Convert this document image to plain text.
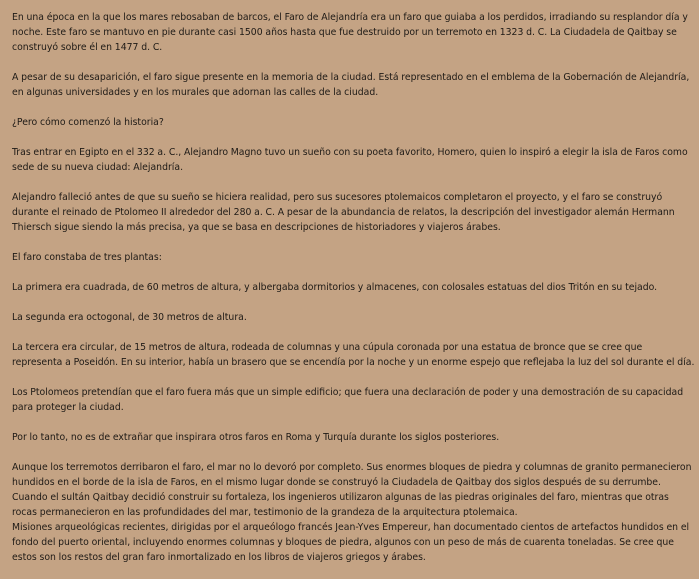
En una época en la que los mares rebosaban de barcos, el Faro de Alejandría era un faro que guiaba a los perdidos, irradiando su resplandor día y noche. Este faro se mantuvo en pie durante casi 1500 años hasta que fue destruido por un terremoto en 1323 d. C. La Ciudadela de Qaitbay se construyó sobre él en 1477 d. C.

A pesar de su desaparición, el faro sigue presente en la memoria de la ciudad. Está representado en el emblema de la Gobernación de Alejandría, en algunas universidades y en los murales que adornan las calles de la ciudad.

¿Pero cómo comenzó la historia?

Tras entrar en Egipto en el 332 a. C., Alejandro Magno tuvo un sueño con su poeta favorito, Homero, quien lo inspiró a elegir la isla de Faros como sede de su nueva ciudad: Alejandría.

Alejandro falleció antes de que su sueño se hiciera realidad, pero sus sucesores ptolemaicos completaron el proyecto, y el faro se construyó durante el reinado de Ptolomeo II alrededor del 280 a. C. A pesar de la abundancia de relatos, la descripción del investigador alemán Hermann Thiersch sigue siendo la más precisa, ya que se basa en descripciones de historiadores y viajeros árabes.

El faro constaba de tres plantas:

La primera era cuadrada, de 60 metros de altura, y albergaba dormitorios y almacenes, con colosales estatuas del dios Tritón en su tejado.

La segunda era octogonal, de 30 metros de altura.

La tercera era circular, de 15 metros de altura, rodeada de columnas y una cúpula coronada por una estatua de bronce que se cree que representa a Poseidón. En su interior, había un brasero que se encendía por la noche y un enorme espejo que reflejaba la luz del sol durante el día.

Los Ptolomeos pretendían que el faro fuera más que un simple edificio; que fuera una declaración de poder y una demostración de su capacidad para proteger la ciudad.

Por lo tanto, no es de extrañar que inspirara otros faros en Roma y Turquía durante los siglos posteriores.

Aunque los terremotos derribaron el faro, el mar no lo devoró por completo. Sus enormes bloques de piedra y columnas de granito permanecieron hundidos en el borde de la isla de Faros, en el mismo lugar donde se construyó la Ciudadela de Qaitbay dos siglos después de su derrumbe. Cuando el sultán Qaitbay decidió construir su fortaleza, los ingenieros utilizaron algunas de las piedras originales del faro, mientras que otras rocas permanecieron en las profundidades del mar, testimonio de la grandeza de la arquitectura ptolemaica.

Misiones arqueológicas recientes, dirigidas por el arqueólogo francés Jean-Yves Empereur, han documentado cientos de artefactos hundidos en el fondo del puerto oriental, incluyendo enormes columnas y bloques de piedra, algunos con un peso de más de cuarenta toneladas. Se cree que estos son los restos del gran faro inmortalizado en los libros de viajeros griegos y árabes.
